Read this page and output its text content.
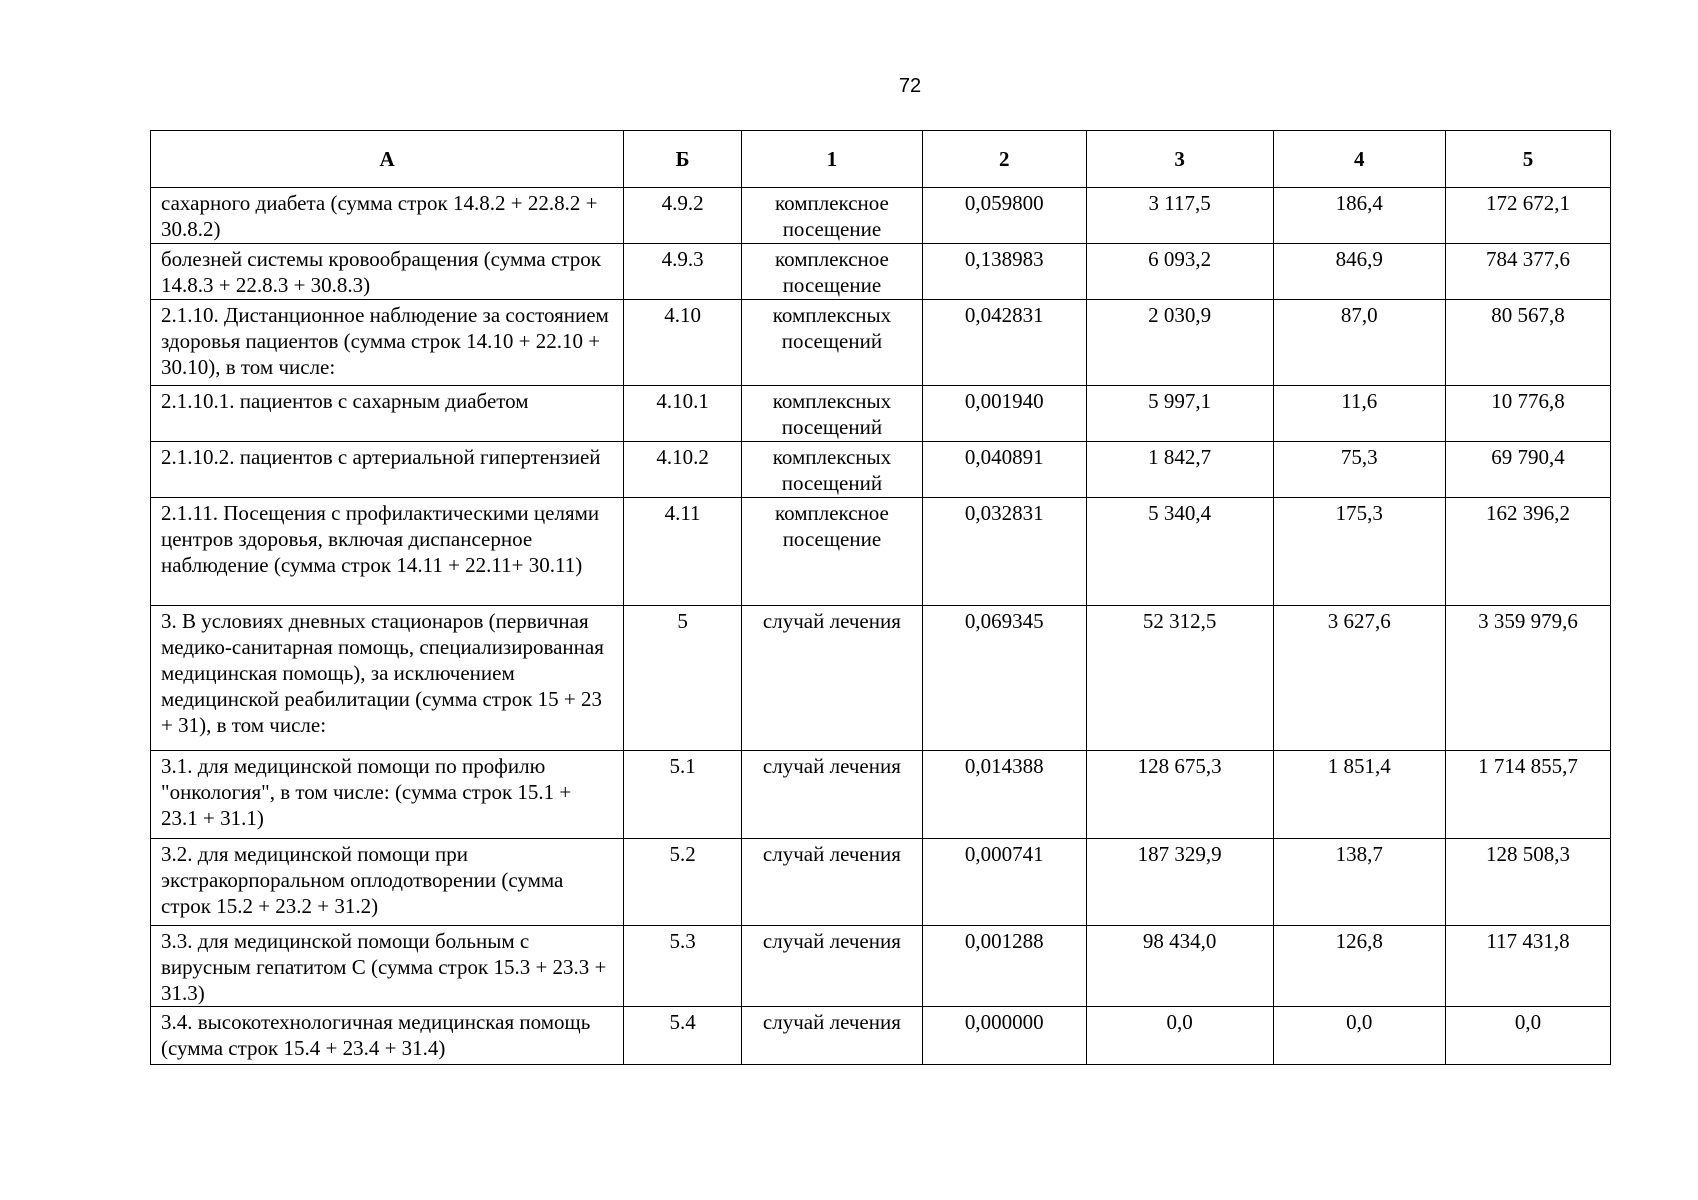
72
А	Б	1	2	3	4	5
сахарного диабета (сумма строк 14.8.2 + 22.8.2 + 30.8.2)	4.9.2	комплексное посещение	0,059800	3 117,5	186,4	172 672,1
болезней системы кровообращения (сумма строк 14.8.3 + 22.8.3 + 30.8.3)	4.9.3	комплексное посещение	0,138983	6 093,2	846,9	784 377,6
2.1.10. Дистанционное наблюдение за состоянием здоровья пациентов (сумма строк 14.10 + 22.10 + 30.10), в том числе:	4.10	комплексных посещений	0,042831	2 030,9	87,0	80 567,8
2.1.10.1. пациентов с сахарным диабетом	4.10.1	комплексных посещений	0,001940	5 997,1	11,6	10 776,8
2.1.10.2. пациентов с артериальной гипертензией	4.10.2	комплексных посещений	0,040891	1 842,7	75,3	69 790,4
2.1.11. Посещения с профилактическими целями центров здоровья, включая диспансерное наблюдение (сумма строк 14.11 + 22.11+ 30.11)	4.11	комплексное посещение	0,032831	5 340,4	175,3	162 396,2
3. В условиях дневных стационаров (первичная медико-санитарная помощь, специализированная медицинская помощь), за исключением медицинской реабилитации (сумма строк 15 + 23 + 31), в том числе:	5	случай лечения	0,069345	52 312,5	3 627,6	3 359 979,6
3.1. для медицинской помощи по профилю "онкология", в том числе: (сумма строк 15.1 + 23.1 + 31.1)	5.1	случай лечения	0,014388	128 675,3	1 851,4	1 714 855,7
3.2. для медицинской помощи при экстракорпоральном оплодотворении (сумма строк 15.2 + 23.2 + 31.2)	5.2	случай лечения	0,000741	187 329,9	138,7	128 508,3
3.3. для медицинской помощи больным с вирусным гепатитом С (сумма строк 15.3 + 23.3 + 31.3)	5.3	случай лечения	0,001288	98 434,0	126,8	117 431,8
3.4. высокотехнологичная медицинская помощь (сумма строк 15.4 + 23.4 + 31.4)	5.4	случай лечения	0,000000	0,0	0,0	0,0
